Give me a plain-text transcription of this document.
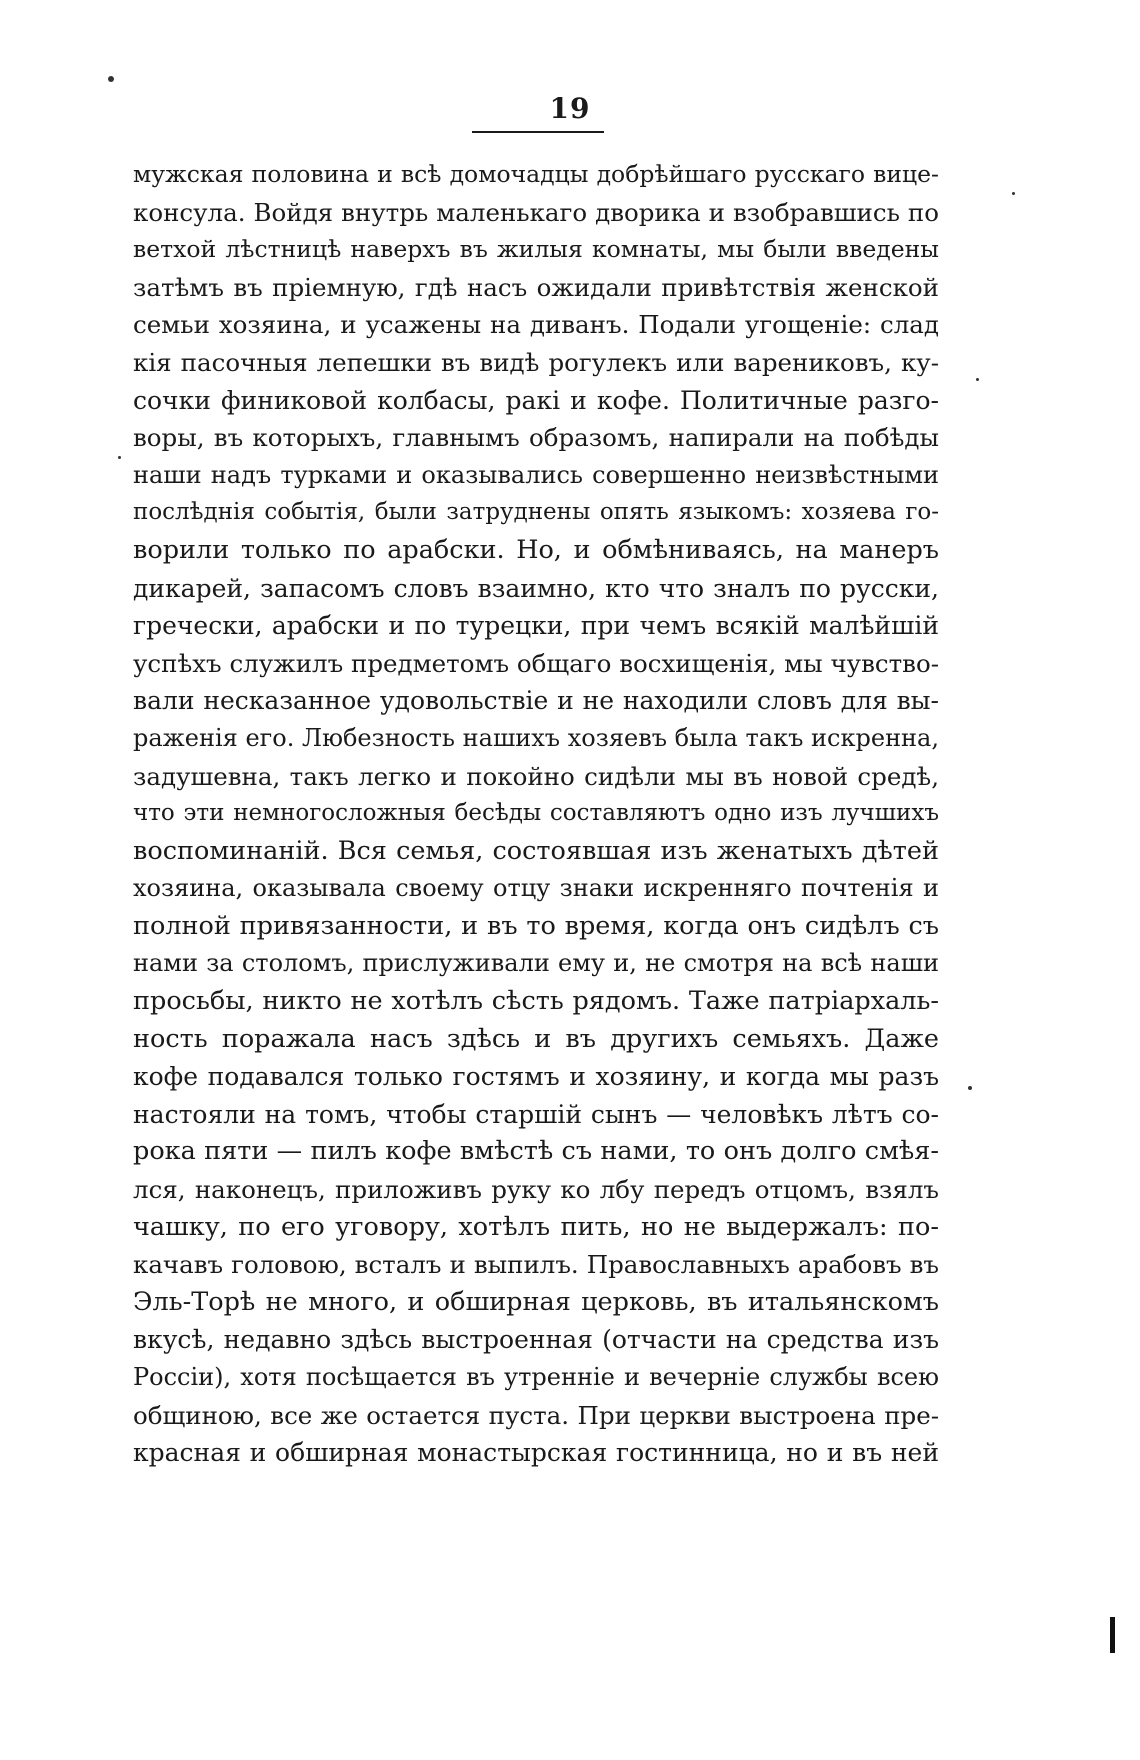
19
мужская половина и всѣ домочадцы добрѣйшаго русскаго вице-
консула. Войдя внутрь маленькаго дворика и взобравшись по
ветхой лѣстницѣ наверхъ въ жилыя комнаты, мы были введены
затѣмъ въ пріемную, гдѣ насъ ожидали привѣтствія женской
семьи хозяина, и усажены на диванъ. Подали угощеніе: слад
кія пасочныя лепешки въ видѣ рогулекъ или варениковъ, ку-
сочки финиковой колбасы, ракі и кофе. Политичные разго-
воры, въ которыхъ, главнымъ образомъ, напирали на побѣды
наши надъ турками и оказывались совершенно неизвѣстными
послѣднія событія, были затруднены опять языкомъ: хозяева го-
ворили только по арабски. Но, и обмѣниваясь, на манеръ
дикарей, запасомъ словъ взаимно, кто что зналъ по русски,
гречески, арабски и по турецки, при чемъ всякій малѣйшій
успѣхъ служилъ предметомъ общаго восхищенія, мы чувство-
вали несказанное удовольствіе и не находили словъ для вы-
раженія его. Любезность нашихъ хозяевъ была такъ искренна,
задушевна, такъ легко и покойно сидѣли мы въ новой средѣ,
что эти немногосложныя бесѣды составляютъ одно изъ лучшихъ
воспоминаній. Вся семья, состоявшая изъ женатыхъ дѣтей
хозяина, оказывала своему отцу знаки искренняго почтенія и
полной привязанности, и въ то время, когда онъ сидѣлъ съ
нами за столомъ, прислуживали ему и, не смотря на всѣ наши
просьбы, никто не хотѣлъ сѣсть рядомъ. Таже патріархаль-
ность поражала насъ здѣсь и въ другихъ семьяхъ. Даже
кофе подавался только гостямъ и хозяину, и когда мы разъ
настояли на томъ, чтобы старшій сынъ — человѣкъ лѣтъ со-
рока пяти — пилъ кофе вмѣстѣ съ нами, то онъ долго смѣя-
лся, наконецъ, приложивъ руку ко лбу передъ отцомъ, взялъ
чашку, по его уговору, хотѣлъ пить, но не выдержалъ: по-
качавъ головою, всталъ и выпилъ. Православныхъ арабовъ въ
Эль-Торѣ не много, и обширная церковь, въ итальянскомъ
вкусѣ, недавно здѣсь выстроенная (отчасти на средства изъ
Россіи), хотя посѣщается въ утренніе и вечерніе службы всею
общиною, все же остается пуста. При церкви выстроена пре-
красная и обширная монастырская гостинница, но и въ ней
